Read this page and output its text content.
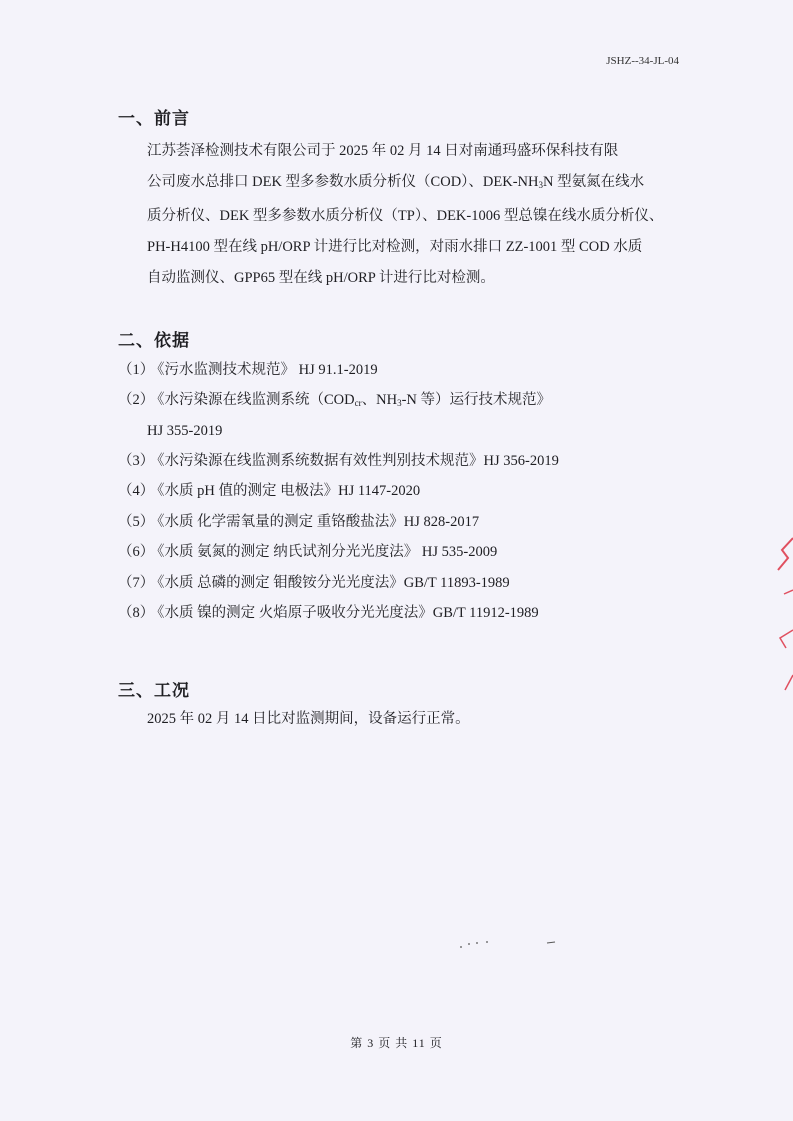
JSHZ--34-JL-04
一、前言
江苏荟泽检测技术有限公司于 2025 年 02 月 14 日对南通玛盛环保科技有限
公司废水总排口 DEK 型多参数水质分析仪（COD）、DEK-$NH_3N$ 型氨氮在线水
质分析仪、DEK 型多参数水质分析仪（TP）、DEK-1006 型总镍在线水质分析仪、
PH-H4100 型在线 pH/ORP 计进行比对检测，对雨水排口 ZZ-1001 型 COD 水质
自动监测仪、GPP65 型在线 pH/ORP 计进行比对检测。
二、依据
（1）《污水监测技术规范》 HJ 91.1-2019
（2）《水污染源在线监测系统（$COD_{cr}$、$NH_3-N$ 等）运行技术规范》
HJ 355-2019
（3）《水污染源在线监测系统数据有效性判别技术规范》HJ 356-2019
（4）《水质 pH 值的测定 电极法》HJ 1147-2020
（5）《水质 化学需氧量的测定 重铬酸盐法》HJ 828-2017
（6）《水质 氨氮的测定 纳氏试剂分光光度法》 HJ 535-2009
（7）《水质 总磷的测定 钼酸铵分光光度法》GB/T 11893-1989
（8）《水质 镍的测定 火焰原子吸收分光光度法》GB/T 11912-1989
三、工况
2025 年 02 月 14 日比对监测期间，设备运行正常。
第 3 页 共 11 页
